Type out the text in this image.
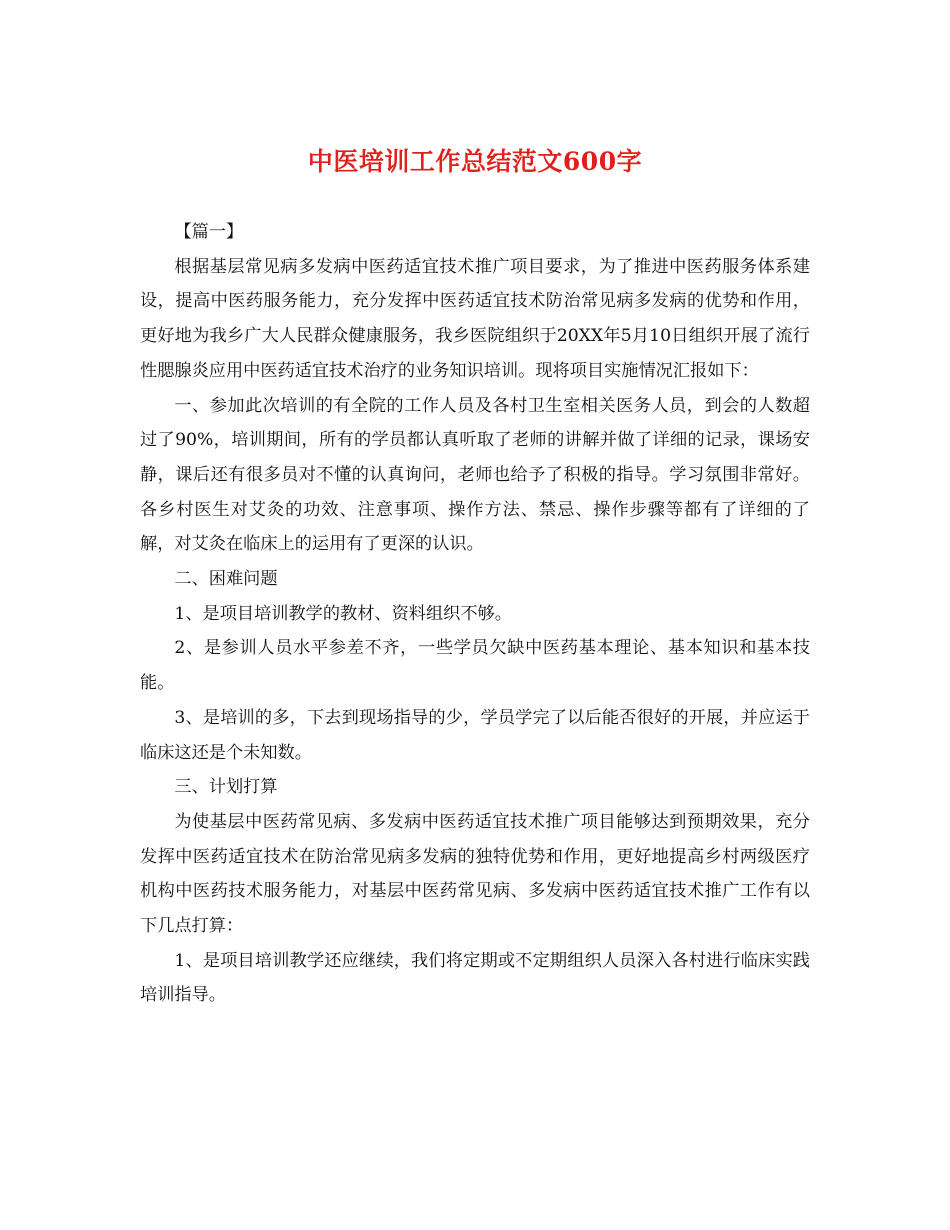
中医培训工作总结范文600字

【篇一】

根据基层常见病多发病中医药适宜技术推广项目要求，为了推进中医药服务体系建设，提高中医药服务能力，充分发挥中医药适宜技术防治常见病多发病的优势和作用，更好地为我乡广大人民群众健康服务，我乡医院组织于20XX年5月10日组织开展了流行性腮腺炎应用中医药适宜技术治疗的业务知识培训。现将项目实施情况汇报如下：

一、参加此次培训的有全院的工作人员及各村卫生室相关医务人员，到会的人数超过了90%，培训期间，所有的学员都认真听取了老师的讲解并做了详细的记录，课场安静，课后还有很多员对不懂的认真询问，老师也给予了积极的指导。学习氛围非常好。各乡村医生对艾灸的功效、注意事项、操作方法、禁忌、操作步骤等都有了详细的了解，对艾灸在临床上的运用有了更深的认识。

二、困难问题

1、是项目培训教学的教材、资料组织不够。

2、是参训人员水平参差不齐，一些学员欠缺中医药基本理论、基本知识和基本技能。

3、是培训的多，下去到现场指导的少，学员学完了以后能否很好的开展，并应运于临床这还是个未知数。

三、计划打算

为使基层中医药常见病、多发病中医药适宜技术推广项目能够达到预期效果，充分发挥中医药适宜技术在防治常见病多发病的独特优势和作用，更好地提高乡村两级医疗机构中医药技术服务能力，对基层中医药常见病、多发病中医药适宜技术推广工作有以下几点打算：

1、是项目培训教学还应继续，我们将定期或不定期组织人员深入各村进行临床实践培训指导。
